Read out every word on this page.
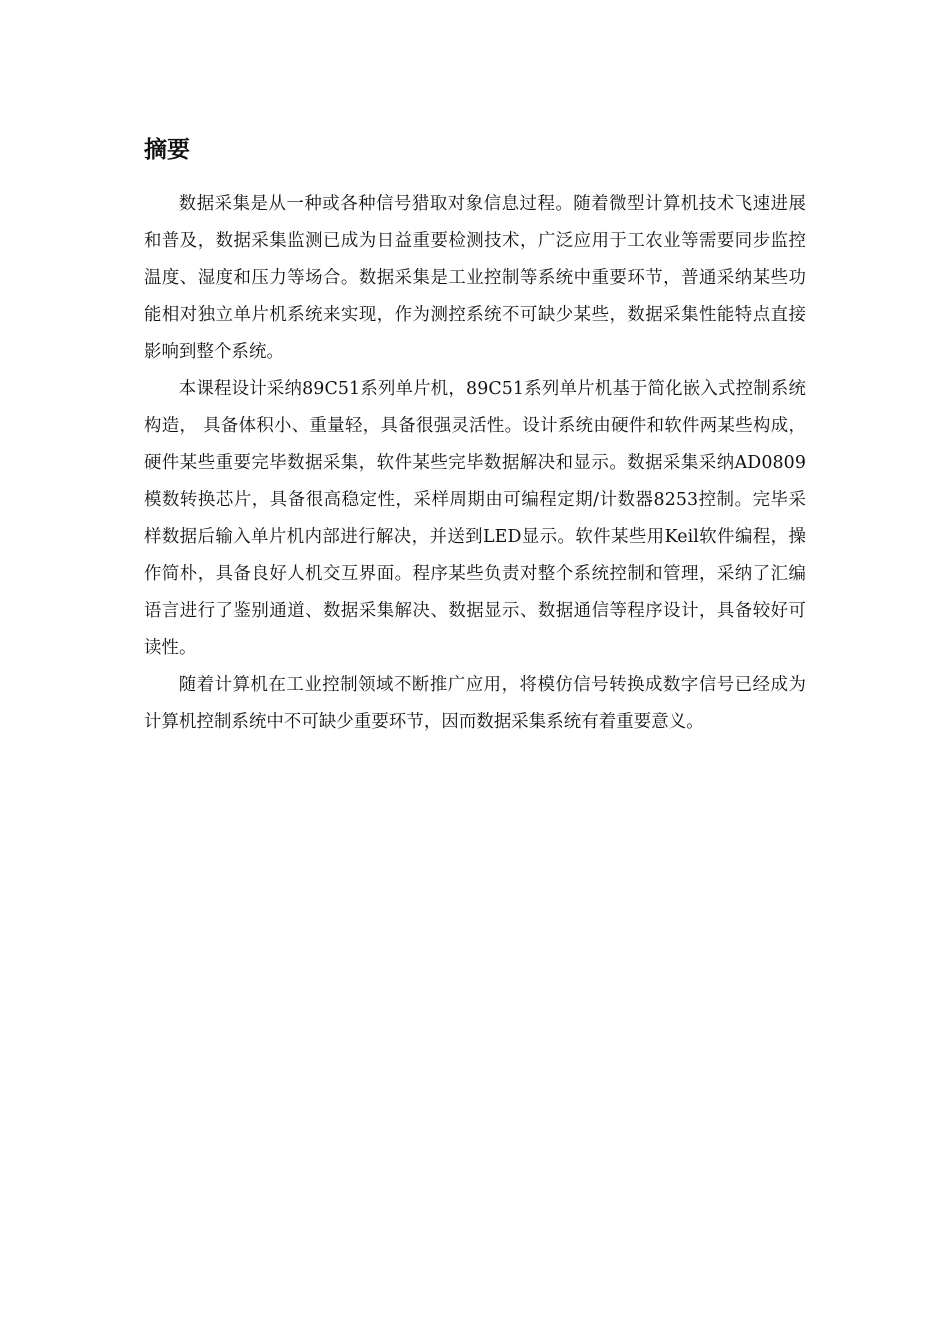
摘要

数据采集是从一种或各种信号猎取对象信息过程。随着微型计算机技术飞速进展和普及，数据采集监测已成为日益重要检测技术，广泛应用于工农业等需要同步监控温度、湿度和压力等场合。数据采集是工业控制等系统中重要环节，普通采纳某些功能相对独立单片机系统来实现，作为测控系统不可缺少某些，数据采集性能特点直接影响到整个系统。

本课程设计采纳89C51系列单片机，89C51系列单片机基于简化嵌入式控制系统构造， 具备体积小、重量轻，具备很强灵活性。设计系统由硬件和软件两某些构成，硬件某些重要完毕数据采集，软件某些完毕数据解决和显示。数据采集采纳AD0809模数转换芯片，具备很高稳定性，采样周期由可编程定期/计数器8253控制。完毕采样数据后输入单片机内部进行解决，并送到LED显示。软件某些用Keil软件编程，操作简朴，具备良好人机交互界面。程序某些负责对整个系统控制和管理，采纳了汇编语言进行了鉴别通道、数据采集解决、数据显示、数据通信等程序设计，具备较好可读性。

随着计算机在工业控制领域不断推广应用，将模仿信号转换成数字信号已经成为计算机控制系统中不可缺少重要环节，因而数据采集系统有着重要意义。
